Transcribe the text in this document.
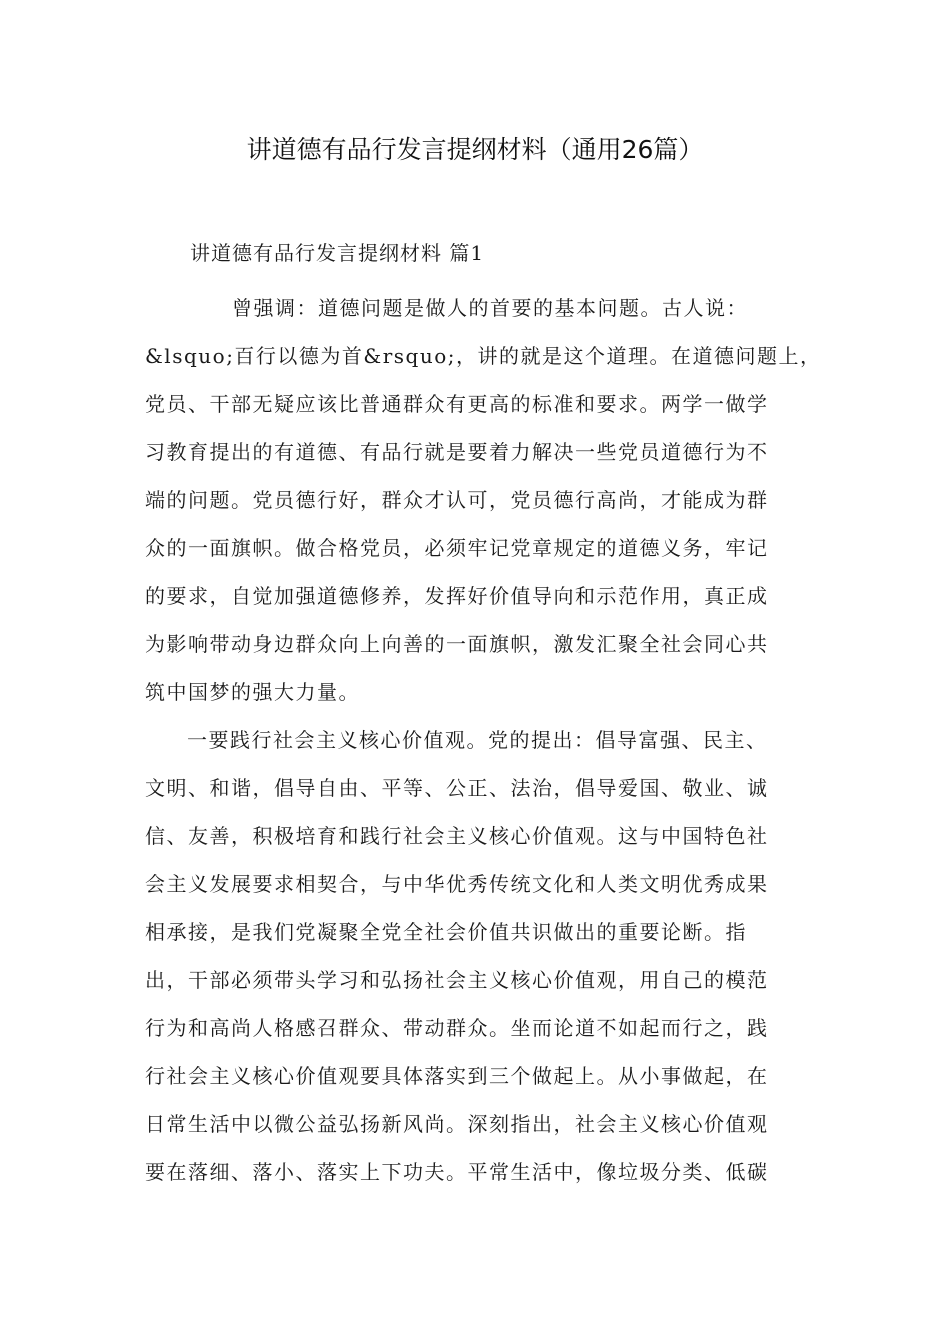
讲道德有品行发言提纲材料（通用26篇）
讲道德有品行发言提纲材料 篇1
曾强调：道德问题是做人的首要的基本问题。古人说：
&lsquo;百行以德为首&rsquo;，讲的就是这个道理。在道德问题上，
党员、干部无疑应该比普通群众有更高的标准和要求。两学一做学
习教育提出的有道德、有品行就是要着力解决一些党员道德行为不
端的问题。党员德行好，群众才认可，党员德行高尚，才能成为群
众的一面旗帜。做合格党员，必须牢记党章规定的道德义务，牢记
的要求，自觉加强道德修养，发挥好价值导向和示范作用，真正成
为影响带动身边群众向上向善的一面旗帜，激发汇聚全社会同心共
筑中国梦的强大力量。
一要践行社会主义核心价值观。党的提出：倡导富强、民主、
文明、和谐，倡导自由、平等、公正、法治，倡导爱国、敬业、诚
信、友善，积极培育和践行社会主义核心价值观。这与中国特色社
会主义发展要求相契合，与中华优秀传统文化和人类文明优秀成果
相承接，是我们党凝聚全党全社会价值共识做出的重要论断。指
出，干部必须带头学习和弘扬社会主义核心价值观，用自己的模范
行为和高尚人格感召群众、带动群众。坐而论道不如起而行之，践
行社会主义核心价值观要具体落实到三个做起上。从小事做起，在
日常生活中以微公益弘扬新风尚。深刻指出，社会主义核心价值观
要在落细、落小、落实上下功夫。平常生活中，像垃圾分类、低碳
